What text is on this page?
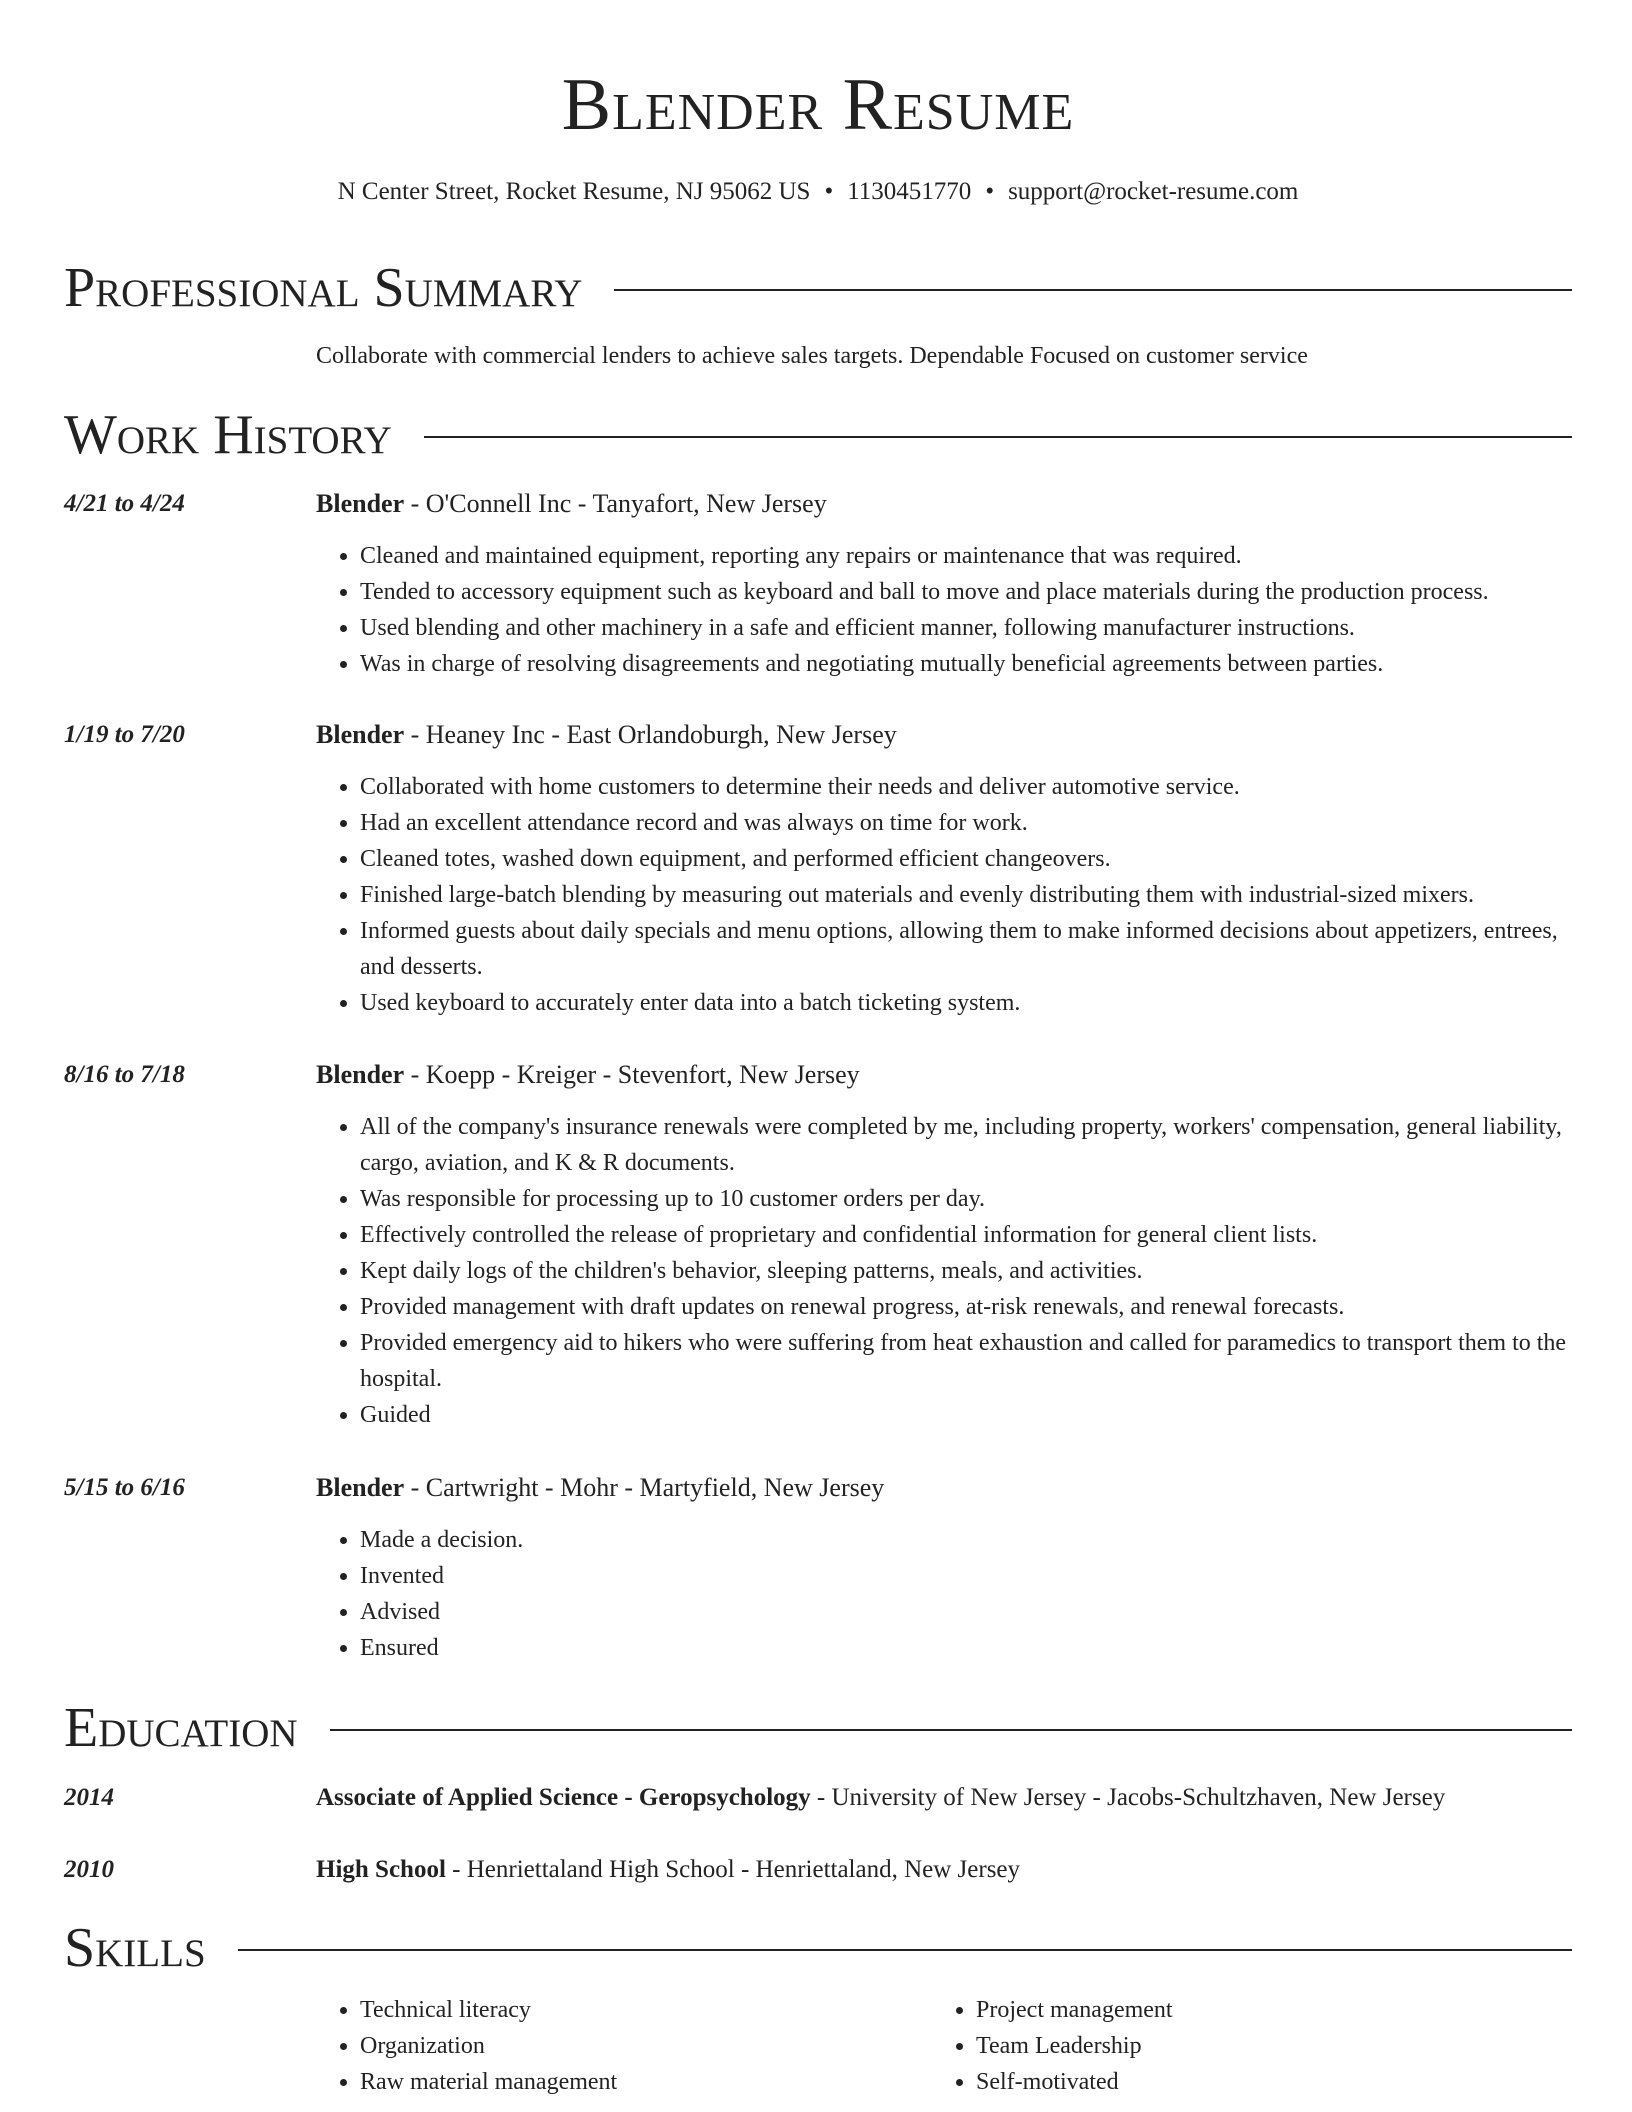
Blender Resume
N Center Street, Rocket Resume, NJ 95062 US • 1130451770 • support@rocket-resume.com
Professional Summary
Collaborate with commercial lenders to achieve sales targets. Dependable Focused on customer service
Work History
4/21 to 4/24	Blender - O'Connell Inc - Tanyafort, New Jersey
• Cleaned and maintained equipment, reporting any repairs or maintenance that was required.
• Tended to accessory equipment such as keyboard and ball to move and place materials during the production process.
• Used blending and other machinery in a safe and efficient manner, following manufacturer instructions.
• Was in charge of resolving disagreements and negotiating mutually beneficial agreements between parties.
1/19 to 7/20	Blender - Heaney Inc - East Orlandoburgh, New Jersey
• Collaborated with home customers to determine their needs and deliver automotive service.
• Had an excellent attendance record and was always on time for work.
• Cleaned totes, washed down equipment, and performed efficient changeovers.
• Finished large-batch blending by measuring out materials and evenly distributing them with industrial-sized mixers.
• Informed guests about daily specials and menu options, allowing them to make informed decisions about appetizers, entrees, and desserts.
• Used keyboard to accurately enter data into a batch ticketing system.
8/16 to 7/18	Blender - Koepp - Kreiger - Stevenfort, New Jersey
• All of the company's insurance renewals were completed by me, including property, workers' compensation, general liability, cargo, aviation, and K & R documents.
• Was responsible for processing up to 10 customer orders per day.
• Effectively controlled the release of proprietary and confidential information for general client lists.
• Kept daily logs of the children's behavior, sleeping patterns, meals, and activities.
• Provided management with draft updates on renewal progress, at-risk renewals, and renewal forecasts.
• Provided emergency aid to hikers who were suffering from heat exhaustion and called for paramedics to transport them to the hospital.
• Guided
5/15 to 6/16	Blender - Cartwright - Mohr - Martyfield, New Jersey
• Made a decision.
• Invented
• Advised
• Ensured
Education
2014	Associate of Applied Science - Geropsychology - University of New Jersey - Jacobs-Schultzhaven, New Jersey
2010	High School - Henriettaland High School - Henriettaland, New Jersey
Skills
• Technical literacy
• Organization
• Raw material management
• Project management
• Team Leadership
• Self-motivated
